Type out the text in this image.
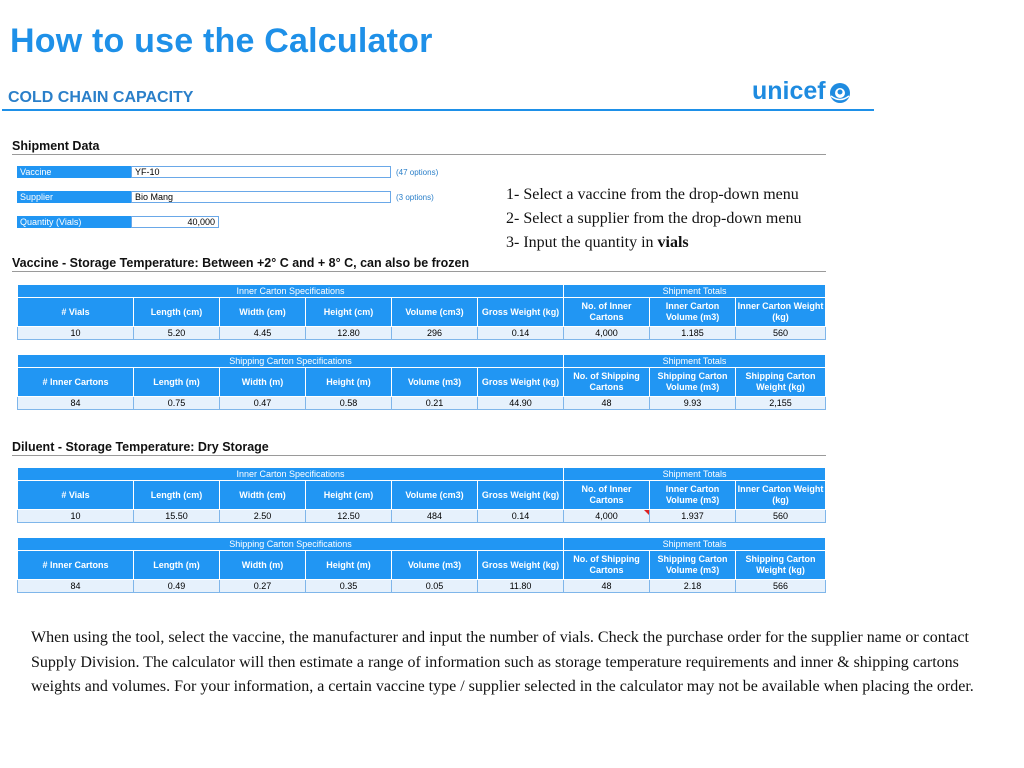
How to use the Calculator
COLD CHAIN CAPACITY	unicef
Shipment Data
Vaccine	YF-10	(47 options)
Supplier	Bio Mang	(3 options)
Quantity (Vials)	40,000
1- Select a vaccine from the drop-down menu
2- Select a supplier from the drop-down menu
3- Input the quantity in vials
Vaccine - Storage Temperature: Between +2° C and + 8° C, can also be frozen
Inner Carton Specifications						Shipment Totals		
# Vials	Length (cm)	Width (cm)	Height (cm)	Volume (cm3)	Gross Weight (kg)	No. of Inner Cartons	Inner Carton Volume (m3)	Inner Carton Weight (kg)
10	5.20	4.45	12.80	296	0.14	4,000	1.185	560
Shipping Carton Specifications						Shipment Totals		
# Inner Cartons	Length (m)	Width (m)	Height (m)	Volume (m3)	Gross Weight (kg)	No. of Shipping Cartons	Shipping Carton Volume (m3)	Shipping Carton Weight (kg)
84	0.75	0.47	0.58	0.21	44.90	48	9.93	2,155
Diluent - Storage Temperature: Dry Storage
Inner Carton Specifications						Shipment Totals		
# Vials	Length (cm)	Width (cm)	Height (cm)	Volume (cm3)	Gross Weight (kg)	No. of Inner Cartons	Inner Carton Volume (m3)	Inner Carton Weight (kg)
10	15.50	2.50	12.50	484	0.14	4,000	1.937	560
Shipping Carton Specifications						Shipment Totals		
# Inner Cartons	Length (m)	Width (m)	Height (m)	Volume (m3)	Gross Weight (kg)	No. of Shipping Cartons	Shipping Carton Volume (m3)	Shipping Carton Weight (kg)
84	0.49	0.27	0.35	0.05	11.80	48	2.18	566
When using the tool, select the vaccine, the manufacturer and input the number of vials. Check the purchase order for the supplier name or contact Supply Division. The calculator will then estimate a range of information such as storage temperature requirements and inner & shipping cartons weights and volumes. For your information, a certain vaccine type / supplier selected in the calculator may not be available when placing the order.
